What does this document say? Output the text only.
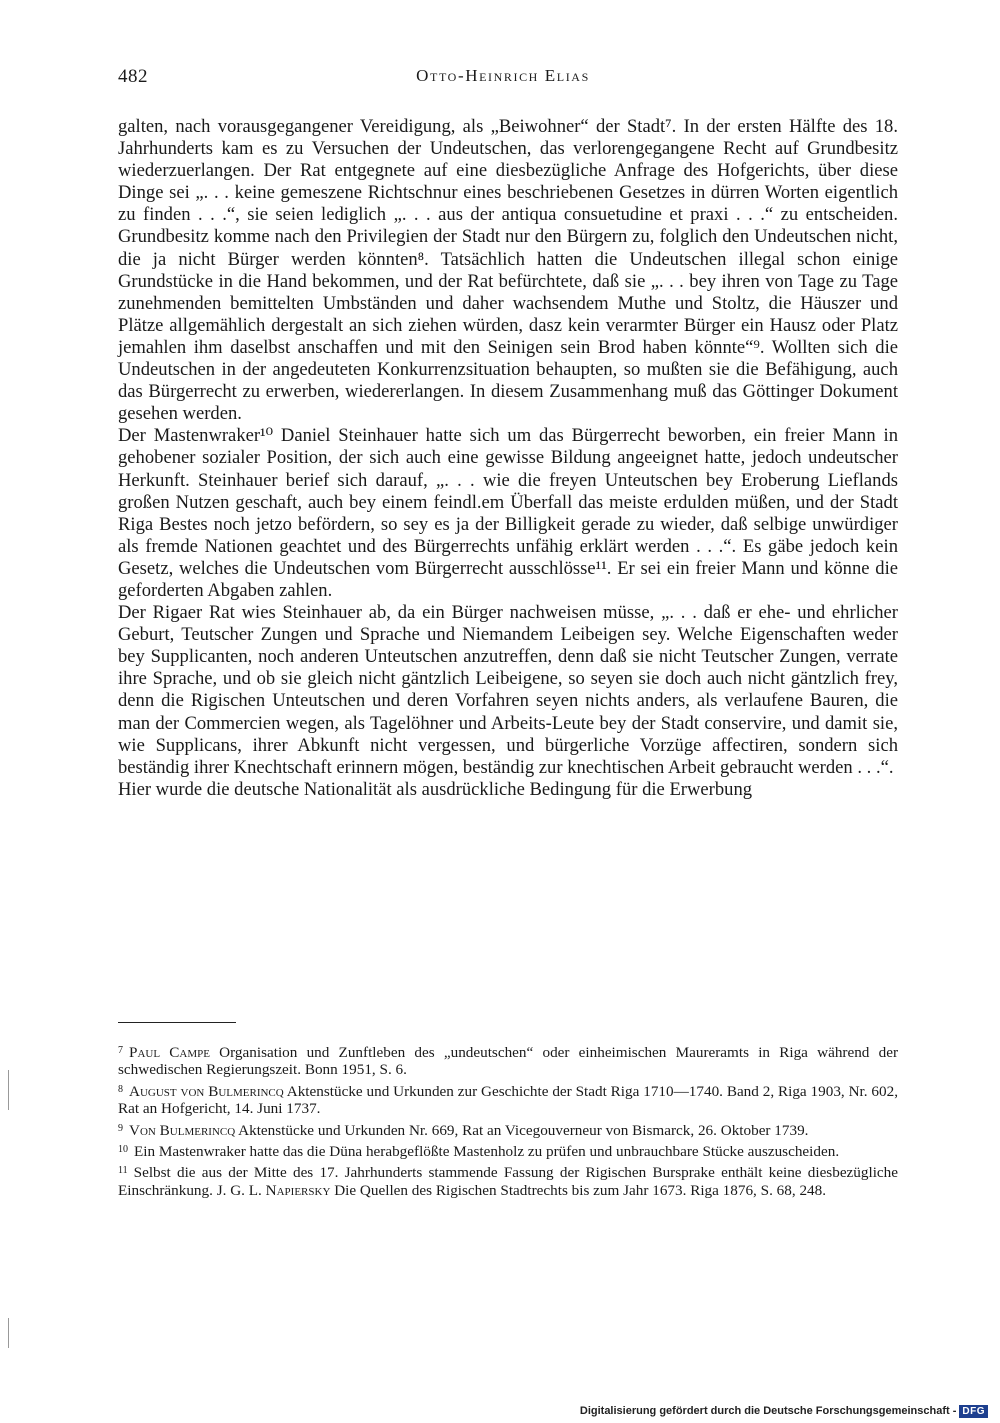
482	Otto-Heinrich Elias

galten, nach vorausgegangener Vereidigung, als „Beiwohner“ der Stadt⁷. In der ersten Hälfte des 18. Jahrhunderts kam es zu Versuchen der Undeutschen, das verlorengegangene Recht auf Grundbesitz wiederzuerlangen. Der Rat entgegnete auf eine diesbezügliche Anfrage des Hofgerichts, über diese Dinge sei „. . . keine gemeszene Richtschnur eines beschriebenen Gesetzes in dürren Worten eigentlich zu finden . . .“, sie seien lediglich „. . . aus der antiqua consuetudine et praxi . . .“ zu entscheiden. Grundbesitz komme nach den Privilegien der Stadt nur den Bürgern zu, folglich den Undeutschen nicht, die ja nicht Bürger werden könnten⁸. Tatsächlich hatten die Undeutschen illegal schon einige Grundstücke in die Hand bekommen, und der Rat befürchtete, daß sie „. . . bey ihren von Tage zu Tage zunehmenden bemittelten Umbständen und daher wachsendem Muthe und Stoltz, die Häuszer und Plätze allgemählich dergestalt an sich ziehen würden, dasz kein verarmter Bürger ein Hausz oder Platz jemahlen ihm daselbst anschaffen und mit den Seinigen sein Brod haben könnte“⁹. Wollten sich die Undeutschen in der angedeuteten Konkurrenzsituation behaupten, so mußten sie die Befähigung, auch das Bürgerrecht zu erwerben, wiedererlangen. In diesem Zusammenhang muß das Göttinger Dokument gesehen werden.

Der Mastenwraker¹⁰ Daniel Steinhauer hatte sich um das Bürgerrecht beworben, ein freier Mann in gehobener sozialer Position, der sich auch eine gewisse Bildung angeeignet hatte, jedoch undeutscher Herkunft. Steinhauer berief sich darauf, „. . . wie die freyen Unteutschen bey Eroberung Lieflands großen Nutzen geschaft, auch bey einem feindl.em Überfall das meiste erdulden müßen, und der Stadt Riga Bestes noch jetzo befördern, so sey es ja der Billigkeit gerade zu wieder, daß selbige unwürdiger als fremde Nationen geachtet und des Bürgerrechts unfähig erklärt werden . . .“. Es gäbe jedoch kein Gesetz, welches die Undeutschen vom Bürgerrecht ausschlösse¹¹. Er sei ein freier Mann und könne die geforderten Abgaben zahlen.

Der Rigaer Rat wies Steinhauer ab, da ein Bürger nachweisen müsse, „. . . daß er ehe- und ehrlicher Geburt, Teutscher Zungen und Sprache und Niemandem Leibeigen sey. Welche Eigenschaften weder bey Supplicanten, noch anderen Unteutschen anzutreffen, denn daß sie nicht Teutscher Zungen, verrate ihre Sprache, und ob sie gleich nicht gäntzlich Leibeigene, so seyen sie doch auch nicht gäntzlich frey, denn die Rigischen Unteutschen und deren Vorfahren seyen nichts anders, als verlaufene Bauren, die man der Commercien wegen, als Tagelöhner und Arbeits-Leute bey der Stadt conservire, und damit sie, wie Supplicans, ihrer Abkunft nicht vergessen, und bürgerliche Vorzüge affectiren, sondern sich beständig ihrer Knechtschaft erinnern mögen, beständig zur knechtischen Arbeit gebraucht werden . . .“.

Hier wurde die deutsche Nationalität als ausdrückliche Bedingung für die Erwerbung

$^7$ Paul Campe Organisation und Zunftleben des „undeutschen“ oder einheimischen Maureramts in Riga während der schwedischen Regierungszeit. Bonn 1951, S. 6.

$^8$ August von Bulmerincq Aktenstücke und Urkunden zur Geschichte der Stadt Riga 1710—1740. Band 2, Riga 1903, Nr. 602, Rat an Hofgericht, 14. Juni 1737.

$^9$ Von Bulmerincq Aktenstücke und Urkunden Nr. 669, Rat an Vicegouverneur von Bismarck, 26. Oktober 1739.

$^{10}$ Ein Mastenwraker hatte das die Düna herabgeflößte Mastenholz zu prüfen und unbrauchbare Stücke auszuscheiden.

$^{11}$ Selbst die aus der Mitte des 17. Jahrhunderts stammende Fassung der Rigischen Bursprake enthält keine diesbezügliche Einschränkung. J. G. L. Napiersky Die Quellen des Rigischen Stadtrechts bis zum Jahr 1673. Riga 1876, S. 68, 248.

Digitalisierung gefördert durch die Deutsche Forschungsgemeinschaft - DFG
